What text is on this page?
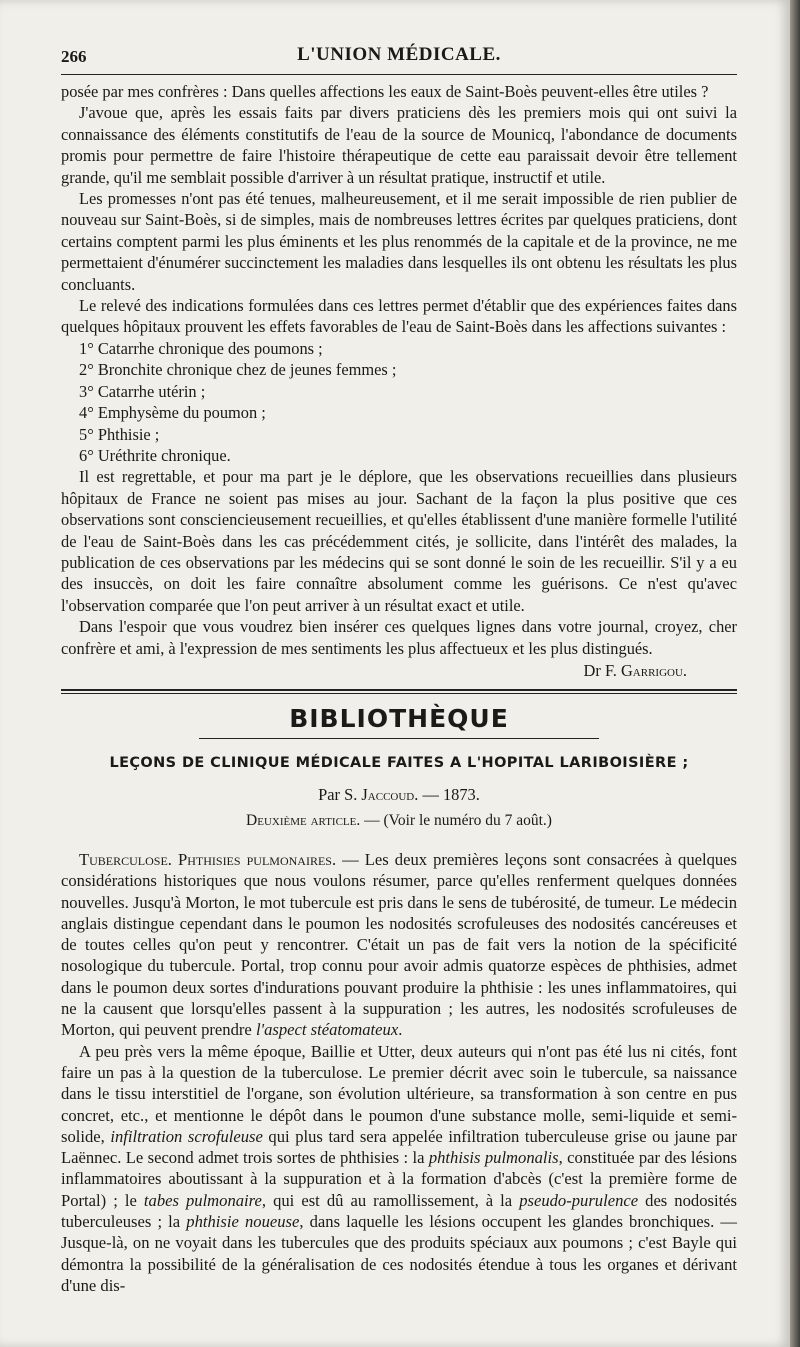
266	L'UNION MÉDICALE.

posée par mes confrères : Dans quelles affections les eaux de Saint-Boès peuvent-elles être utiles ?

J'avoue que, après les essais faits par divers praticiens dès les premiers mois qui ont suivi la connaissance des éléments constitutifs de l'eau de la source de Mounicq, l'abondance de documents promis pour permettre de faire l'histoire thérapeutique de cette eau paraissait devoir être tellement grande, qu'il me semblait possible d'arriver à un résultat pratique, instructif et utile.

Les promesses n'ont pas été tenues, malheureusement, et il me serait impossible de rien publier de nouveau sur Saint-Boès, si de simples, mais de nombreuses lettres écrites par quelques praticiens, dont certains comptent parmi les plus éminents et les plus renommés de la capitale et de la province, ne me permettaient d'énumérer succinctement les maladies dans lesquelles ils ont obtenu les résultats les plus concluants.

Le relevé des indications formulées dans ces lettres permet d'établir que des expériences faites dans quelques hôpitaux prouvent les effets favorables de l'eau de Saint-Boès dans les affections suivantes :

1° Catarrhe chronique des poumons ;
2° Bronchite chronique chez de jeunes femmes ;
3° Catarrhe utérin ;
4° Emphysème du poumon ;
5° Phthisie ;
6° Uréthrite chronique.

Il est regrettable, et pour ma part je le déplore, que les observations recueillies dans plusieurs hôpitaux de France ne soient pas mises au jour. Sachant de la façon la plus positive que ces observations sont consciencieusement recueillies, et qu'elles établissent d'une manière formelle l'utilité de l'eau de Saint-Boès dans les cas précédemment cités, je sollicite, dans l'intérêt des malades, la publication de ces observations par les médecins qui se sont donné le soin de les recueillir. S'il y a eu des insuccès, on doit les faire connaître absolument comme les guérisons. Ce n'est qu'avec l'observation comparée que l'on peut arriver à un résultat exact et utile.

Dans l'espoir que vous voudrez bien insérer ces quelques lignes dans votre journal, croyez, cher confrère et ami, à l'expression de mes sentiments les plus affectueux et les plus distingués.

Dr F. Garrigou.
BIBLIOTHÈQUE
LEÇONS DE CLINIQUE MÉDICALE FAITES A L'HOPITAL LARIBOISIÈRE ;
Par S. Jaccoud. — 1873.
Deuxième article. — (Voir le numéro du 7 août.)

Tuberculose. Phthisies pulmonaires. — Les deux premières leçons sont consacrées à quelques considérations historiques que nous voulons résumer, parce qu'elles renferment quelques données nouvelles. Jusqu'à Morton, le mot tubercule est pris dans le sens de tubérosité, de tumeur. Le médecin anglais distingue cependant dans le poumon les nodosités scrofuleuses des nodosités cancéreuses et de toutes celles qu'on peut y rencontrer. C'était un pas de fait vers la notion de la spécificité nosologique du tubercule. Portal, trop connu pour avoir admis quatorze espèces de phthisies, admet dans le poumon deux sortes d'indurations pouvant produire la phthisie : les unes inflammatoires, qui ne la causent que lorsqu'elles passent à la suppuration ; les autres, les nodosités scrofuleuses de Morton, qui peuvent prendre l'aspect stéatomateux.

A peu près vers la même époque, Baillie et Utter, deux auteurs qui n'ont pas été lus ni cités, font faire un pas à la question de la tuberculose. Le premier décrit avec soin le tubercule, sa naissance dans le tissu interstitiel de l'organe, son évolution ultérieure, sa transformation à son centre en pus concret, etc., et mentionne le dépôt dans le poumon d'une substance molle, semi-liquide et semi-solide, infiltration scrofuleuse qui plus tard sera appelée infiltration tuberculeuse grise ou jaune par Laënnec. Le second admet trois sortes de phthisies : la phthisis pulmonalis, constituée par des lésions inflammatoires aboutissant à la suppuration et à la formation d'abcès (c'est la première forme de Portal) ; le tabes pulmonaire, qui est dû au ramollissement, à la pseudo-purulence des nodosités tuberculeuses ; la phthisie noueuse, dans laquelle les lésions occupent les glandes bronchiques. — Jusque-là, on ne voyait dans les tubercules que des produits spéciaux aux poumons ; c'est Bayle qui démontra la possibilité de la généralisation de ces nodosités étendue à tous les organes et dérivant d'une dis-
